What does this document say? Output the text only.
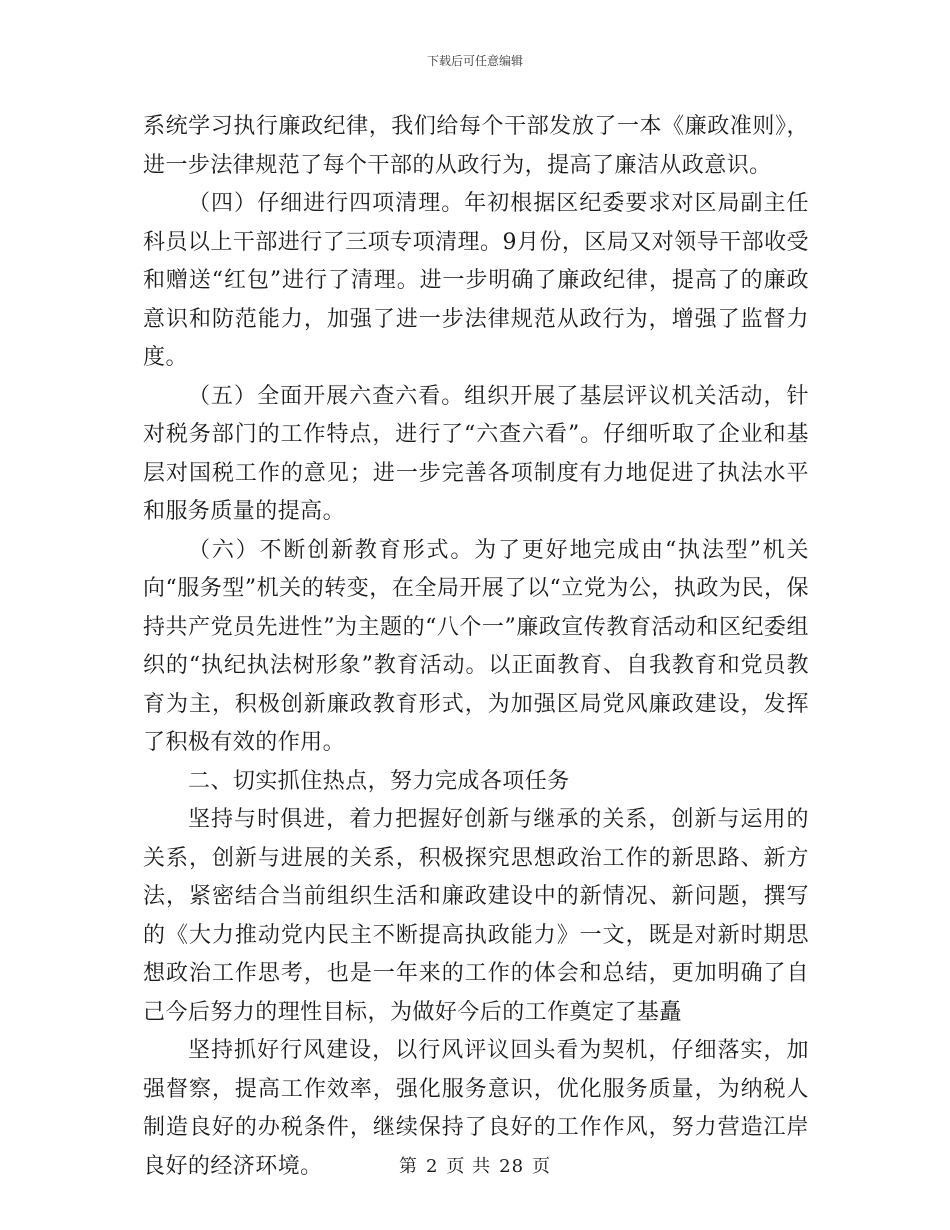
下载后可任意编辑

系统学习执行廉政纪律，我们给每个干部发放了一本《廉政准则》，进一步法律规范了每个干部的从政行为，提高了廉洁从政意识。

（四）仔细进行四项清理。年初根据区纪委要求对区局副主任科员以上干部进行了三项专项清理。9月份，区局又对领导干部收受和赠送“红包”进行了清理。进一步明确了廉政纪律，提高了的廉政意识和防范能力，加强了进一步法律规范从政行为，增强了监督力度。

（五）全面开展六查六看。组织开展了基层评议机关活动，针对税务部门的工作特点，进行了“六查六看”。仔细听取了企业和基层对国税工作的意见；进一步完善各项制度有力地促进了执法水平和服务质量的提高。

（六）不断创新教育形式。为了更好地完成由“执法型”机关向“服务型”机关的转变，在全局开展了以“立党为公，执政为民，保持共产党员先进性”为主题的“八个一”廉政宣传教育活动和区纪委组织的“执纪执法树形象”教育活动。以正面教育、自我教育和党员教育为主，积极创新廉政教育形式，为加强区局党风廉政建设，发挥了积极有效的作用。

二、切实抓住热点，努力完成各项任务

坚持与时俱进，着力把握好创新与继承的关系，创新与运用的关系，创新与进展的关系，积极探究思想政治工作的新思路、新方法，紧密结合当前组织生活和廉政建设中的新情况、新问题，撰写的《大力推动党内民主不断提高执政能力》一文，既是对新时期思想政治工作思考，也是一年来的工作的体会和总结，更加明确了自己今后努力的理性目标，为做好今后的工作奠定了基矗

坚持抓好行风建设，以行风评议回头看为契机，仔细落实，加强督察，提高工作效率，强化服务意识，优化服务质量，为纳税人制造良好的办税条件，继续保持了良好的工作作风，努力营造江岸良好的经济环境。	第 2 页 共 28 页
